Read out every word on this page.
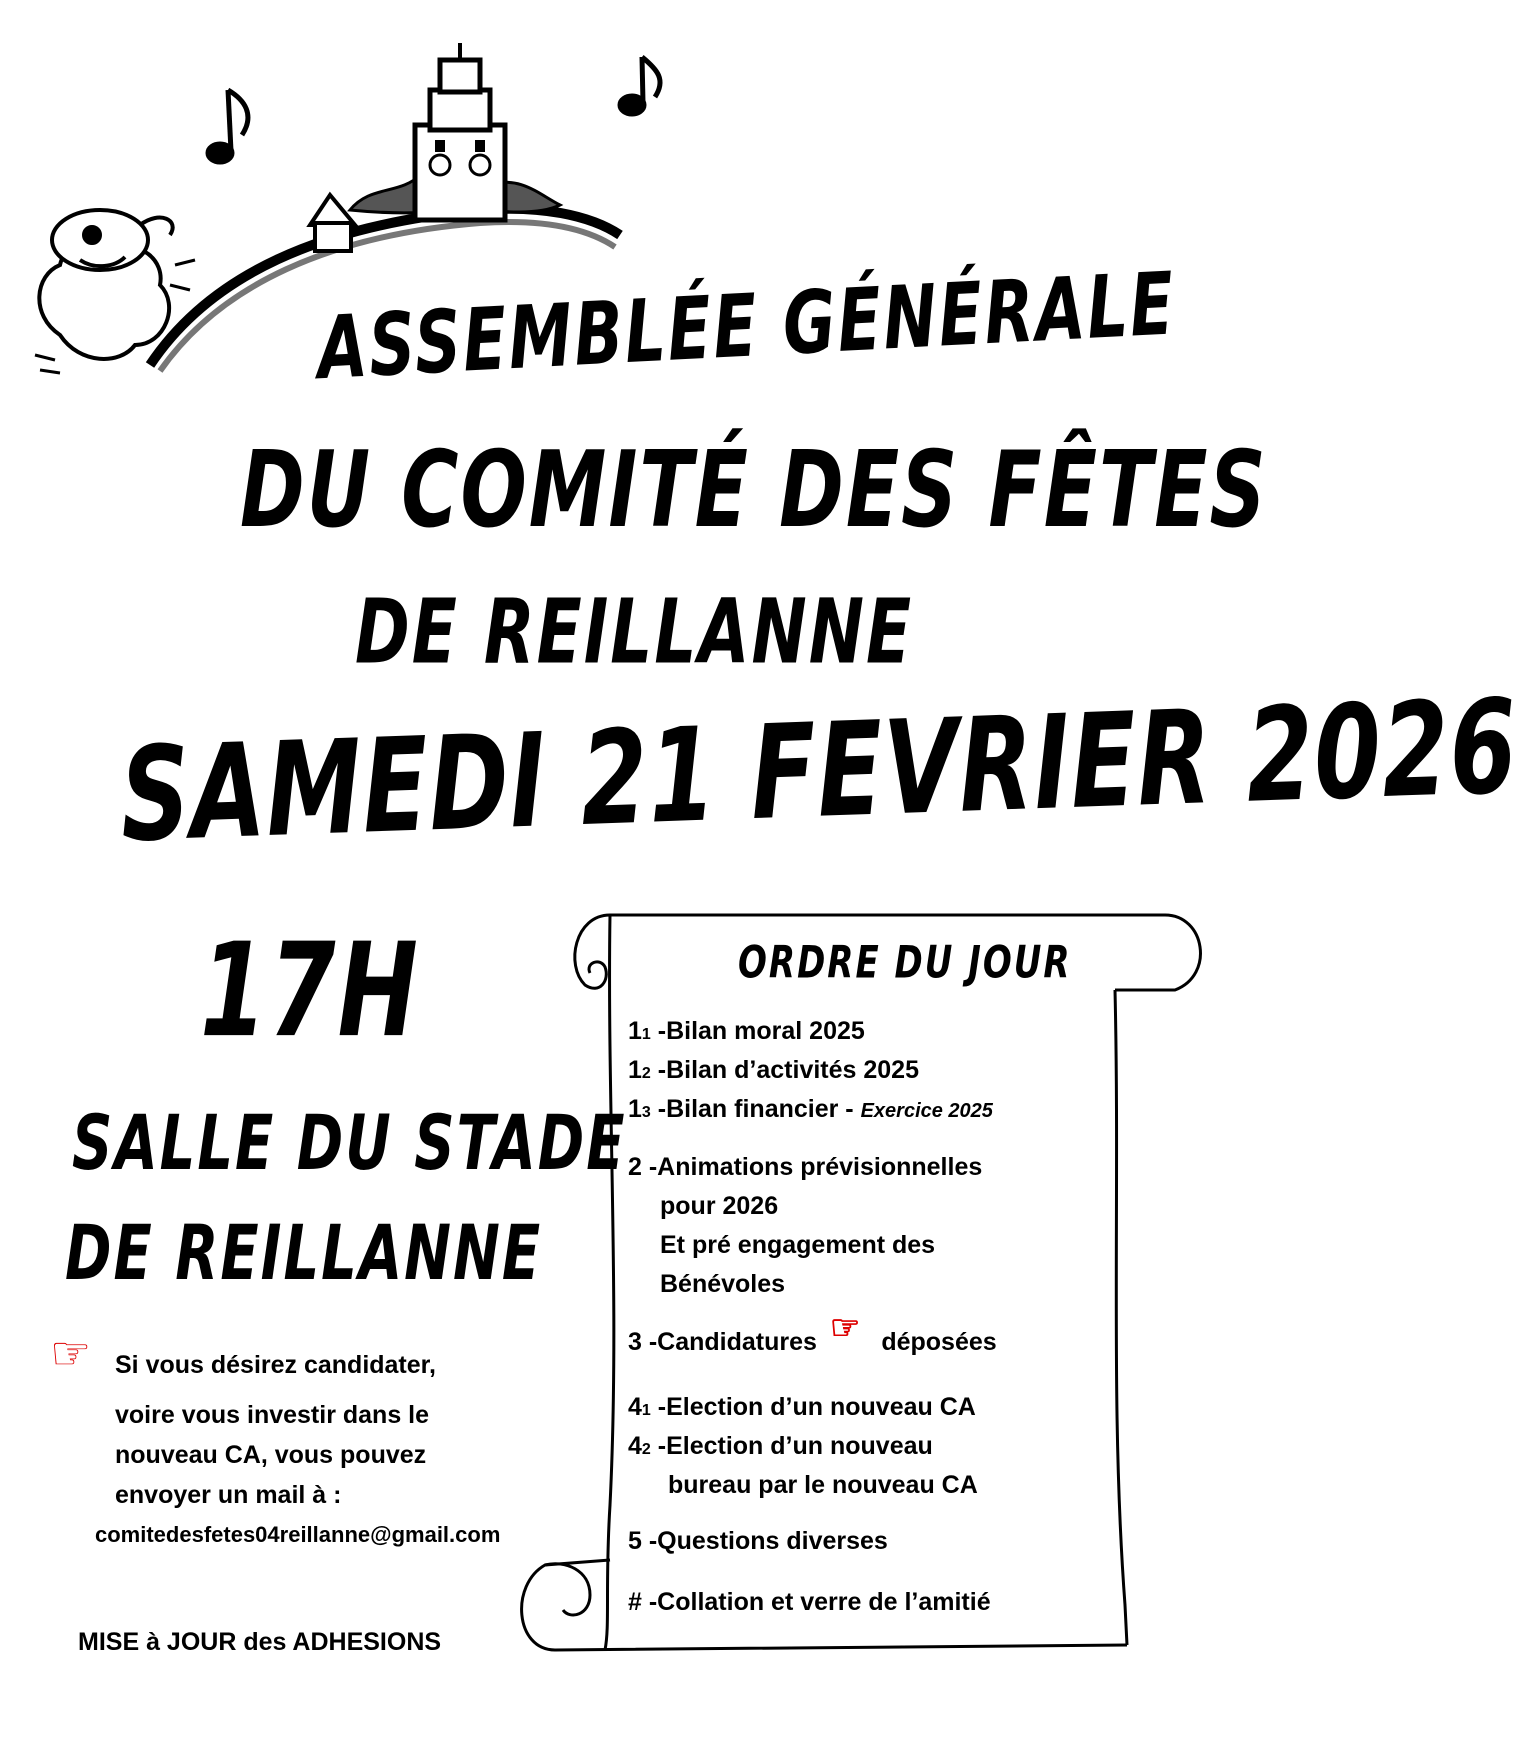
ASSEMBLÉE GÉNÉRALE
DU COMITÉ DES FÊTES
DE REILLANNE
SAMEDI 21 FEVRIER 2026
17H
SALLE DU STADE
DE REILLANNE
☞ Si vous désirez candidater,
voire vous investir dans le
nouveau CA, vous pouvez
envoyer un mail à :
comitedesfetes04reillanne@gmail.com
MISE à JOUR des ADHESIONS
ORDRE DU JOUR
11 -Bilan moral 2025
12 -Bilan d’activités 2025
13 -Bilan financier - Exercice 2025
2 -Animations prévisionnelles
pour 2026
Et pré engagement des
Bénévoles
3 -Candidatures ☞ déposées
41 -Election d’un nouveau CA
42 -Election d’un nouveau
bureau par le nouveau CA
5 -Questions diverses
# -Collation et verre de l’amitié
